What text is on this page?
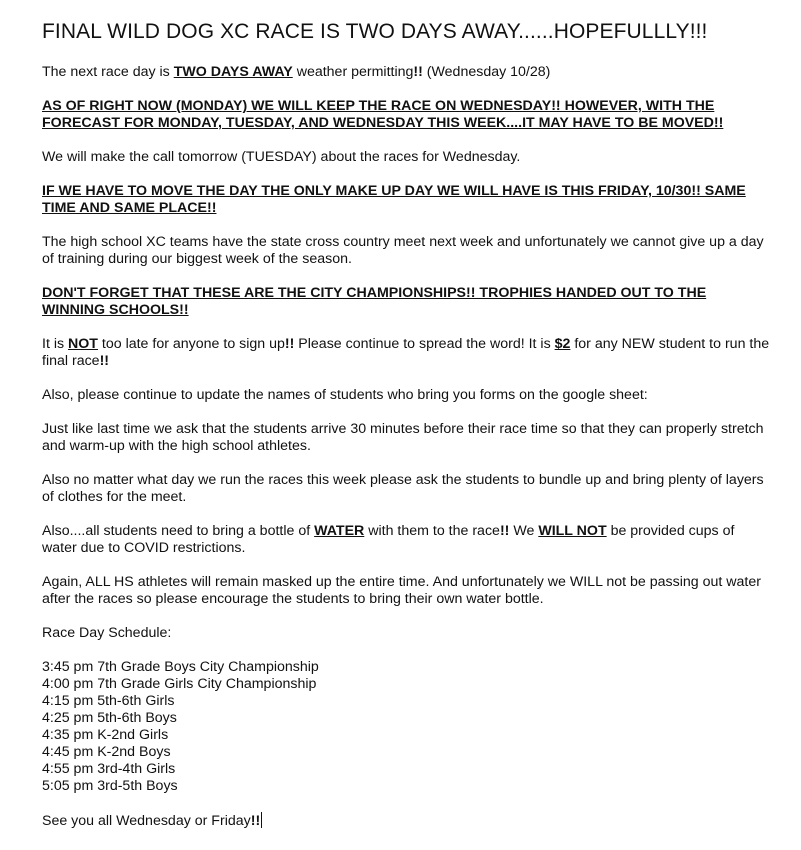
FINAL WILD DOG XC RACE IS TWO DAYS AWAY......HOPEFULLLY!!!

The next race day is TWO DAYS AWAY weather permitting!! (Wednesday 10/28)

AS OF RIGHT NOW (MONDAY) WE WILL KEEP THE RACE ON WEDNESDAY!! HOWEVER, WITH THE FORECAST FOR MONDAY, TUESDAY, AND WEDNESDAY THIS WEEK....IT MAY HAVE TO BE MOVED!!

We will make the call tomorrow (TUESDAY) about the races for Wednesday.

IF WE HAVE TO MOVE THE DAY THE ONLY MAKE UP DAY WE WILL HAVE IS THIS FRIDAY, 10/30!! SAME TIME AND SAME PLACE!!

The high school XC teams have the state cross country meet next week and unfortunately we cannot give up a day of training during our biggest week of the season.

DON'T FORGET THAT THESE ARE THE CITY CHAMPIONSHIPS!! TROPHIES HANDED OUT TO THE WINNING SCHOOLS!!

It is NOT too late for anyone to sign up!! Please continue to spread the word! It is $2 for any NEW student to run the final race!!

Also, please continue to update the names of students who bring you forms on the google sheet:

Just like last time we ask that the students arrive 30 minutes before their race time so that they can properly stretch and warm-up with the high school athletes.

Also no matter what day we run the races this week please ask the students to bundle up and bring plenty of layers of clothes for the meet.

Also....all students need to bring a bottle of WATER with them to the race!! We WILL NOT be provided cups of water due to COVID restrictions.

Again, ALL HS athletes will remain masked up the entire time. And unfortunately we WILL not be passing out water after the races so please encourage the students to bring their own water bottle.

Race Day Schedule:

3:45 pm 7th Grade Boys City Championship
4:00 pm 7th Grade Girls City Championship
4:15 pm 5th-6th Girls
4:25 pm 5th-6th Boys
4:35 pm K-2nd Girls
4:45 pm K-2nd Boys
4:55 pm 3rd-4th Girls
5:05 pm 3rd-5th Boys

See you all Wednesday or Friday!!
